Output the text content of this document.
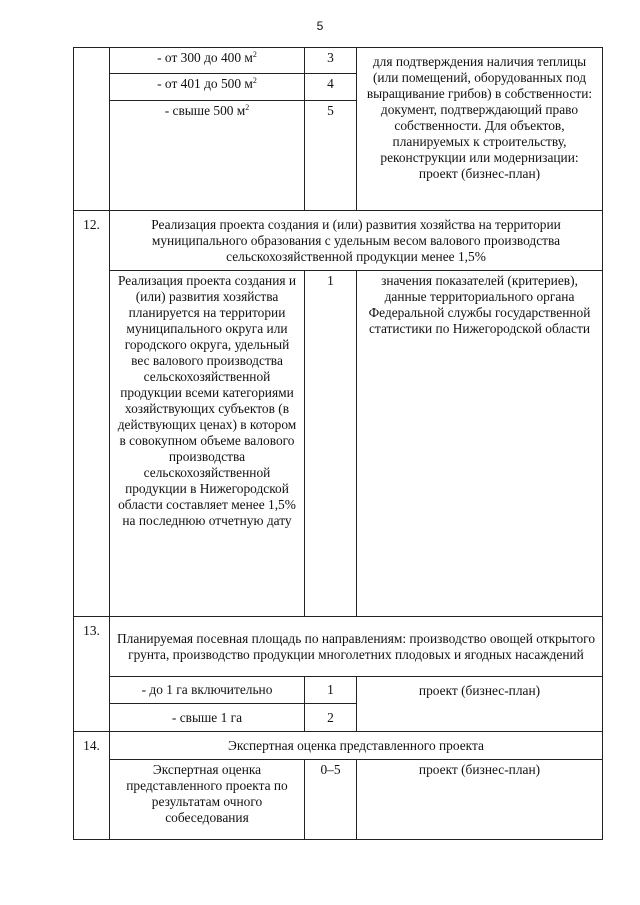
5
	- от 300 до 400 $м^2$	3	для подтверждения наличия теплицы (или помещений, оборудованных под выращивание грибов) в собственности: документ, подтверждающий право собственности. Для объектов, планируемых к строительству, реконструкции или модернизации: проект (бизнес-план)
	- от 401 до 500 $м^2$	4	
	- свыше 500 $м^2$	5	
12.	Реализация проекта создания и (или) развития хозяйства на территории муниципального образования с удельным весом валового производства сельскохозяйственной продукции менее 1,5%		
	Реализация проекта создания и (или) развития хозяйства планируется на территории муниципального округа или городского округа, удельный вес валового производства сельскохозяйственной продукции всеми категориями хозяйствующих субъектов (в действующих ценах) в котором в совокупном объеме валового производства сельскохозяйственной продукции в Нижегородской области составляет менее 1,5% на последнюю отчетную дату	1	значения показателей (критериев), данные территориального органа Федеральной службы государственной статистики по Нижегородской области
13.	Планируемая посевная площадь по направлениям: производство овощей открытого грунта, производство продукции многолетних плодовых и ягодных насаждений		
	- до 1 га включительно	1	проект (бизнес-план)
	- свыше 1 га	2	
14.	Экспертная оценка представленного проекта		
	Экспертная оценка представленного проекта по результатам очного собеседования	0–5	проект (бизнес-план)
